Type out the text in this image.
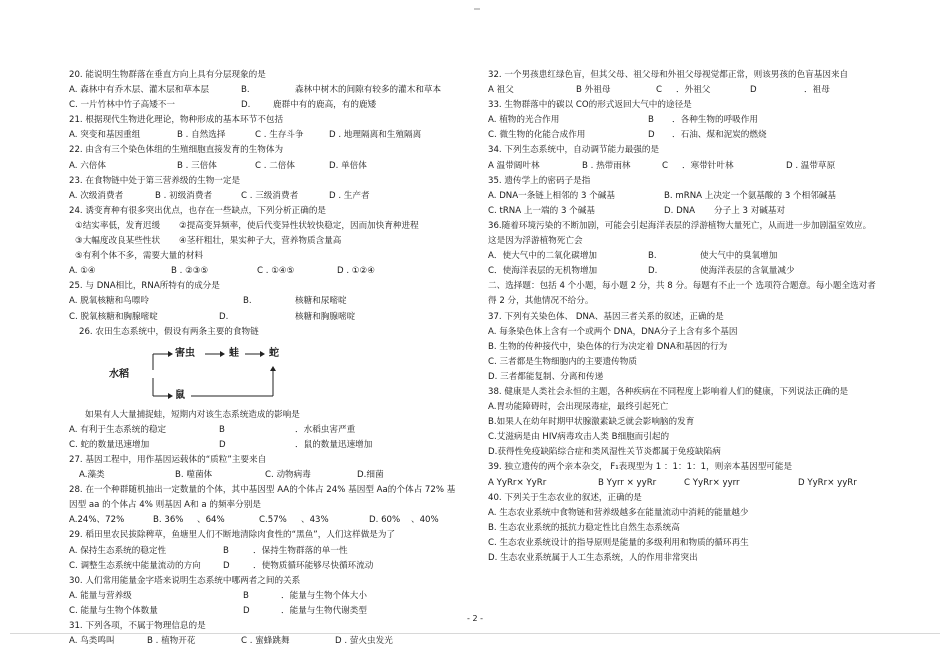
20. 能说明生物群落在垂直方向上具有分层现象的是
A. 森林中有乔木层、灌木层和草本层	B.	森林中树木的间隙有较多的灌木和草本
C. 一片竹林中竹子高矮不一	D.	鹿群中有的鹿高，有的鹿矮
21. 根据现代生物进化理论，物种形成的基本环节不包括
A. 突变和基因重组	B . 自然选择	C . 生存斗争	D . 地理隔离和生殖隔离
22. 由含有三个染色体组的生殖细胞直接发育的生物体为
A. 六倍体	B . 三倍体	C . 二倍体	D. 单倍体
23. 在食物链中处于第三营养级的生物一定是
A. 次级消费者	B . 初级消费者	C . 三级消费者	D . 生产者
24. 诱变育种有很多突出优点，也存在一些缺点，下列分析正确的是
①结实率低，发育迟缓 ②提高变异频率，使后代变异性状较快稳定，因而加快育种进程
③大幅度改良某些性状 ④茎秆粗壮，果实种子大，营养物质含量高
⑤有利个体不多，需要大量的材料
A. ①④	B . ②③⑤	C . ①④⑤	D . ①②④
25. 与 DNA相比，RNA所特有的成分是
A. 脱氧核糖和鸟嘌呤	B.	核糖和尿嘧啶
C. 脱氧核糖和胸腺嘧啶	D.	核糖和胸腺嘧啶
26. 农田生态系统中，假设有两条主要的食物链
水稻
害虫	蛙	蛇
鼠
如果有人大量捕捉蛙，短期内对该生态系统造成的影响是
A. 有利于生态系统的稳定	B	．水稻虫害严重
C. 蛇的数量迅速增加	D	．鼠的数量迅速增加
27. 基因工程中，用作基因运载体的“质粒”主要来自
A.藻类	B. 噬菌体	C. 动物病毒	D.细菌
28. 在一个种群随机抽出一定数量的个体，其中基因型 AA的个体占 24% 基因型 Aa的个体占 72% 基
因型 aa 的个体占 4% 则基因 A和 a 的频率分别是
A.24%、72%	B. 36% 、64%	C.57% 、43%	D. 60% 、40%
29. 稻田里农民拔除稗草，鱼塘里人们不断地清除肉食性的“黑鱼”，人们这样做是为了
A. 保持生态系统的稳定性	B	．保持生物群落的单一性
C. 调整生态系统中能量流动的方向	D	．使物质循环能够尽快循环流动
30. 人们常用能量金字塔来说明生态系统中哪两者之间的关系
A. 能量与营养级	B	．能量与生物个体大小
C. 能量与生物个体数量	D	．能量与生物代谢类型
31. 下列各项，不属于物理信息的是
A. 鸟类鸣叫	B . 植物开花	C . 蜜蜂跳舞	D . 萤火虫发光
32. 一个男孩患红绿色盲，但其父母、祖父母和外祖父母视觉都正常，则该男孩的色盲基因来自
A 祖父	B 外祖母	C ．外祖父	D	．祖母
33. 生物群落中的碳以 CO的形式返回大气中的途径是
A. 植物的光合作用	B ．各种生物的呼吸作用
C. 微生物的化能合成作用	D ．石油、煤和泥炭的燃烧
34. 下列生态系统中，自动调节能力最强的是
A 温带阔叶林	B . 热带雨林	C ．寒带针叶林	D . 温带草原
35. 遗传学上的密码子是指
A. DNA一条链上相邻的 3 个碱基	B. mRNA 上决定一个氨基酸的 3 个相邻碱基
C. tRNA 上一端的 3 个碱基	D. DNA 分子上 3 对碱基对
36.随着环境污染的不断加剧，可能会引起海洋表层的浮游植物大量死亡，从而进一步加剧温室效应。
这是因为浮游植物死亡会
A．使大气中的二氧化碳增加	B.	使大气中的臭氧增加
C．使海洋表层的无机物增加	D.	使海洋表层的含氧量减少
二、选择题：包括 4 个小题，每小题 2 分，共 8 分。每题有不止一个 选项符合题意。每小题全选对者
得 2 分，其他情况不给分。
37. 下列有关染色体、 DNA、基因三者关系的叙述，正确的是
A. 每条染色体上含有一个或两个 DNA，DNA分子上含有多个基因
B. 生物的传种接代中，染色体的行为决定着 DNA和基因的行为
C. 三者都是生物细胞内的主要遗传物质
D. 三者都能复制、分离和传递
38. 健康是人类社会永恒的主题，各种疾病在不同程度上影响着人们的健康，下列说法正确的是
A.胃功能障碍时，会出现尿毒症，最终引起死亡
B.如果人在幼年时期甲状腺激素缺乏就会影响脑的发育
C.艾滋病是由 HIV病毒攻击人类 B细胞而引起的
D.获得性免疫缺陷综合症和类风湿性关节炎都属于免疫缺陷病
39. 独立遗传的两个亲本杂交， F₁表现型为 1 ：1：1：1，则亲本基因型可能是
A YyRr× YyRr	B Yyrr × yyRr	C YyRr× yyrr	D YyRr× yyRr
40. 下列关于生态农业的叙述，正确的是
A. 生态农业系统中食物链和营养级越多在能量流动中消耗的能量越少
B. 生态农业系统的抵抗力稳定性比自然生态系统高
C. 生态农业系统设计的指导原则是能量的多级利用和物质的循环再生
D. 生态农业系统属于人工生态系统，人的作用非常突出
- 2 -
